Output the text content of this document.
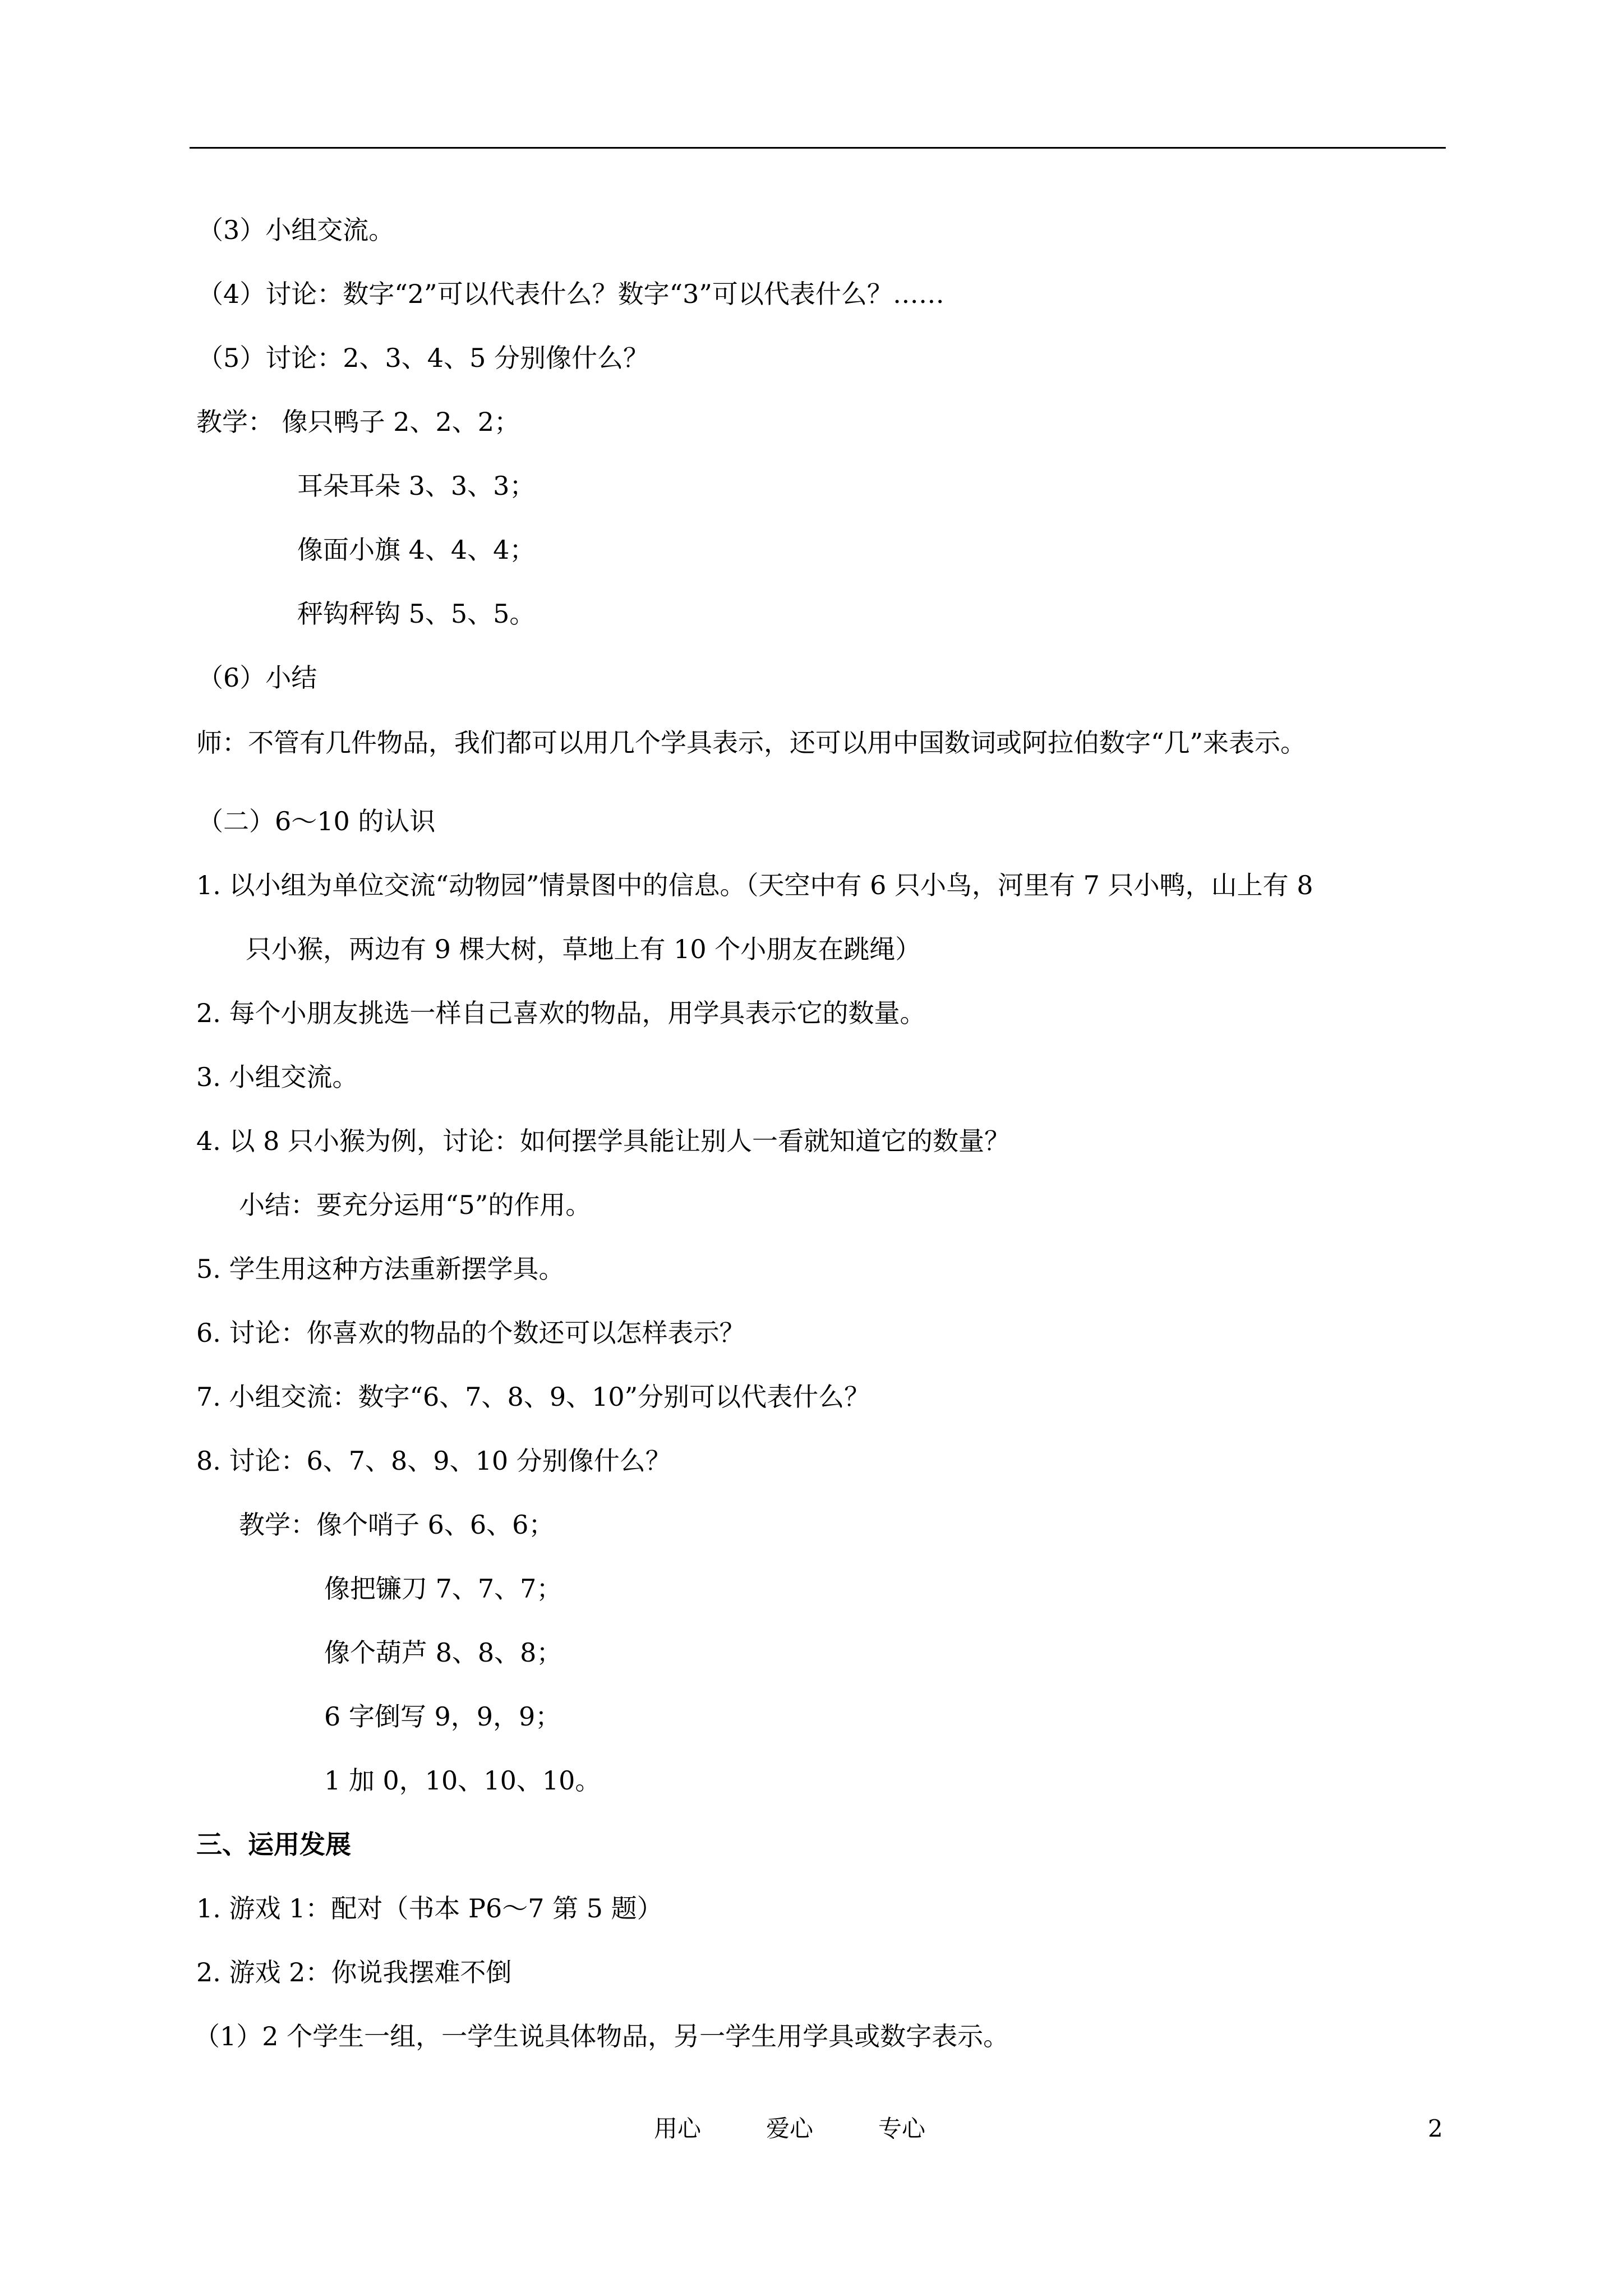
（3）小组交流。
（4）讨论：数字“2”可以代表什么？数字“3”可以代表什么？……
（5）讨论：2、3、4、5 分别像什么？
教学： 像只鸭子 2、2、2；
耳朵耳朵 3、3、3；
像面小旗 4、4、4；
秤钩秤钩 5、5、5。
（6）小结
师：不管有几件物品，我们都可以用几个学具表示，还可以用中国数词或阿拉伯数字“几”来表示。
（二）6～10 的认识
1. 以小组为单位交流“动物园”情景图中的信息。（天空中有 6 只小鸟，河里有 7 只小鸭，山上有 8
只小猴，两边有 9 棵大树，草地上有 10 个小朋友在跳绳）
2. 每个小朋友挑选一样自己喜欢的物品，用学具表示它的数量。
3. 小组交流。
4. 以 8 只小猴为例，讨论：如何摆学具能让别人一看就知道它的数量？
小结：要充分运用“5”的作用。
5. 学生用这种方法重新摆学具。
6. 讨论：你喜欢的物品的个数还可以怎样表示？
7. 小组交流：数字“6、7、8、9、10”分别可以代表什么？
8. 讨论：6、7、8、9、10 分别像什么？
教学：像个哨子 6、6、6；
像把镰刀 7、7、7；
像个葫芦 8、8、8；
6 字倒写 9，9，9；
1 加 0，10、10、10。
三、运用发展
1. 游戏 1：配对（书本 P6～7 第 5 题）
2. 游戏 2：你说我摆难不倒
（1）2 个学生一组，一学生说具体物品，另一学生用学具或数字表示。
用心	爱心	专心	2
